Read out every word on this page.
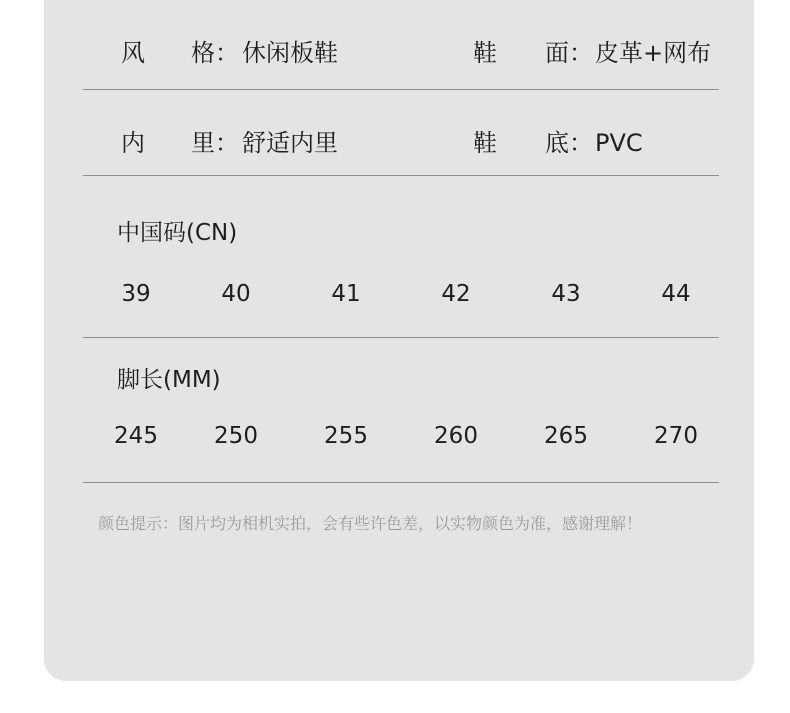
风 格： 休闲板鞋	鞋 面： 皮革+网布
内 里： 舒适内里	鞋 底： PVC
中国码(CN)
39	40	41	42	43	44
脚长(MM)
245	250	255	260	265	270
颜色提示：图片均为相机实拍，会有些许色差，以实物颜色为准，感谢理解！
